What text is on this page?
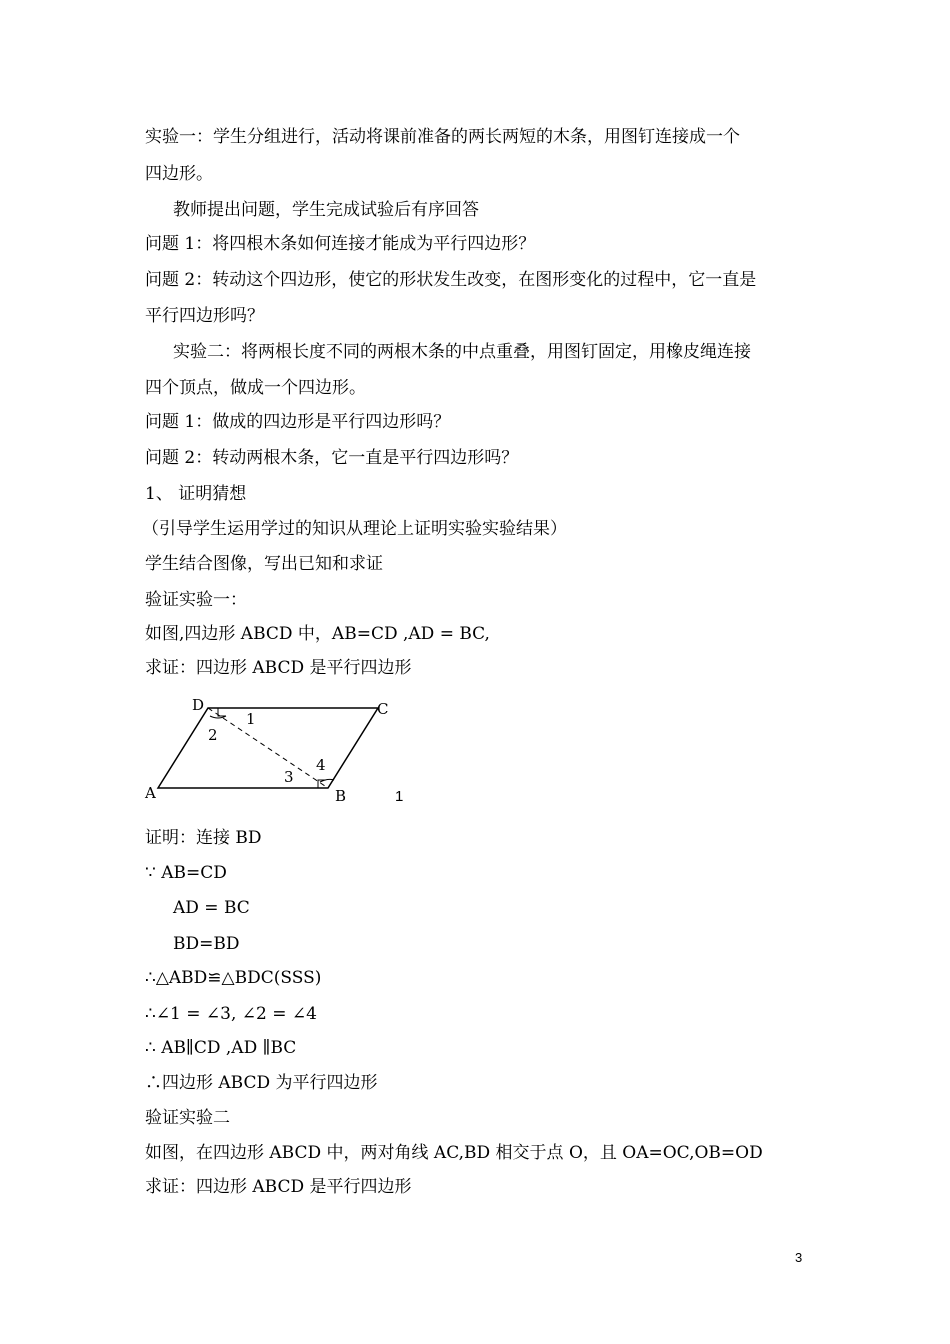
实验一：学生分组进行，活动将课前准备的两长两短的木条，用图钉连接成一个
四边形。
教师提出问题，学生完成试验后有序回答
问题 1：将四根木条如何连接才能成为平行四边形？
问题 2：转动这个四边形，使它的形状发生改变，在图形变化的过程中，它一直是
平行四边形吗？
实验二：将两根长度不同的两根木条的中点重叠，用图钉固定，用橡皮绳连接
四个顶点，做成一个四边形。
问题 1：做成的四边形是平行四边形吗？
问题 2：转动两根木条，它一直是平行四边形吗？
1、 证明猜想
（引导学生运用学过的知识从理论上证明实验实验结果）
学生结合图像，写出已知和求证
验证实验一：
如图,四边形 ABCD 中，AB=CD ,AD = BC,
求证：四边形 ABCD 是平行四边形
D	C
A	B
1
2
3
4
1
证明：连接 BD
∵ AB=CD
AD = BC
BD=BD
∴△ABD≌△BDC(SSS)
∴∠1 = ∠3, ∠2 = ∠4
∴ AB∥CD ,AD ∥BC
∴四边形 ABCD 为平行四边形
验证实验二
如图，在四边形 ABCD 中，两对角线 AC,BD 相交于点 O，且 OA=OC,OB=OD
求证：四边形 ABCD 是平行四边形
3
